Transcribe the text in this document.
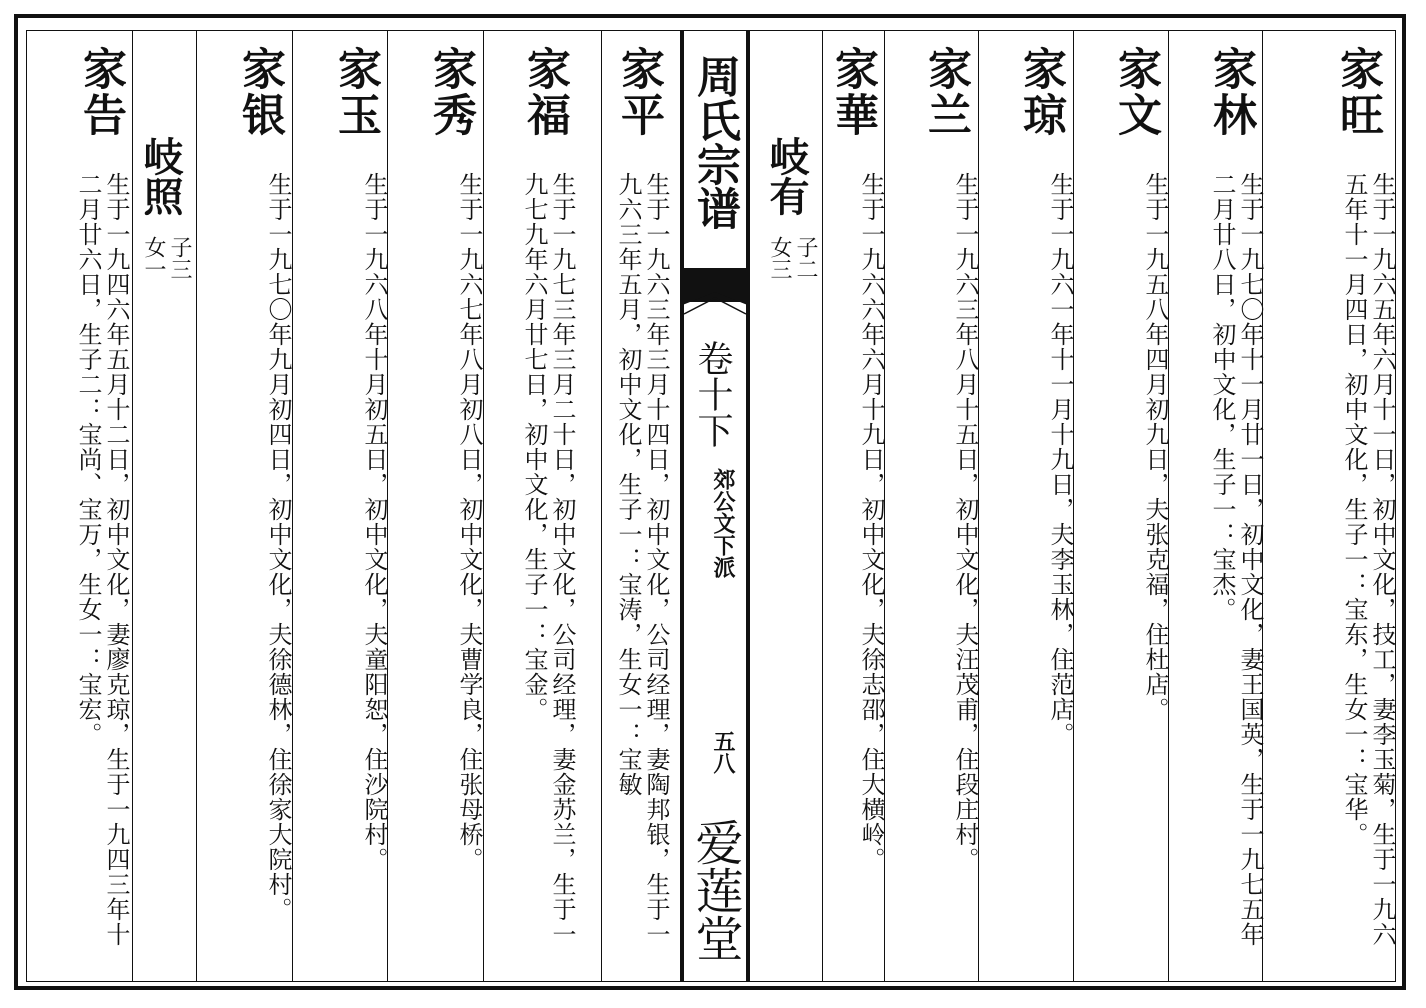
家旺
生于一九六五年六月十一日，初中文化，技工，妻李玉菊，生于一九六五年十一月四日，初中文化，生子一：宝东，生女一：宝华。
家林
生于一九七〇年十一月廿一日，初中文化，妻王国英，生于一九七五年二月廿八日，初中文化，生子一：宝杰。
家文
生于一九五八年四月初九日，夫张克福，住杜店。
家琼
生于一九六一年十一月十九日，夫李玉林，住范店。
家兰
生于一九六三年八月十五日，初中文化，夫汪茂甫，住段庄村。
家華
生于一九六六年六月十九日，初中文化，夫徐志邵，住大横岭。
岐有
子二 女三
周氏宗谱
卷十下
郊公文下派
五八
爱莲堂
家平
生于一九六三年三月十四日，初中文化，公司经理，妻陶邦银，生于一九六三年五月，初中文化，生子一：宝涛，生女一：宝敏
家福
生于一九七三年三月二十日，初中文化，公司经理，妻金苏兰，生于一九七九年六月廿七日，初中文化，生子一：宝金。
家秀
生于一九六七年八月初八日，初中文化，夫曹学良，住张母桥。
家玉
生于一九六八年十月初五日，初中文化，夫童阳恕，住沙院村。
家银
生于一九七〇年九月初四日，初中文化，夫徐德林，住徐家大院村。
岐照
子三 女一
家告
生于一九四六年五月十二日，初中文化，妻廖克琼，生于一九四三年十二月廿六日，生子二：宝尚、宝万，生女一：宝宏。
